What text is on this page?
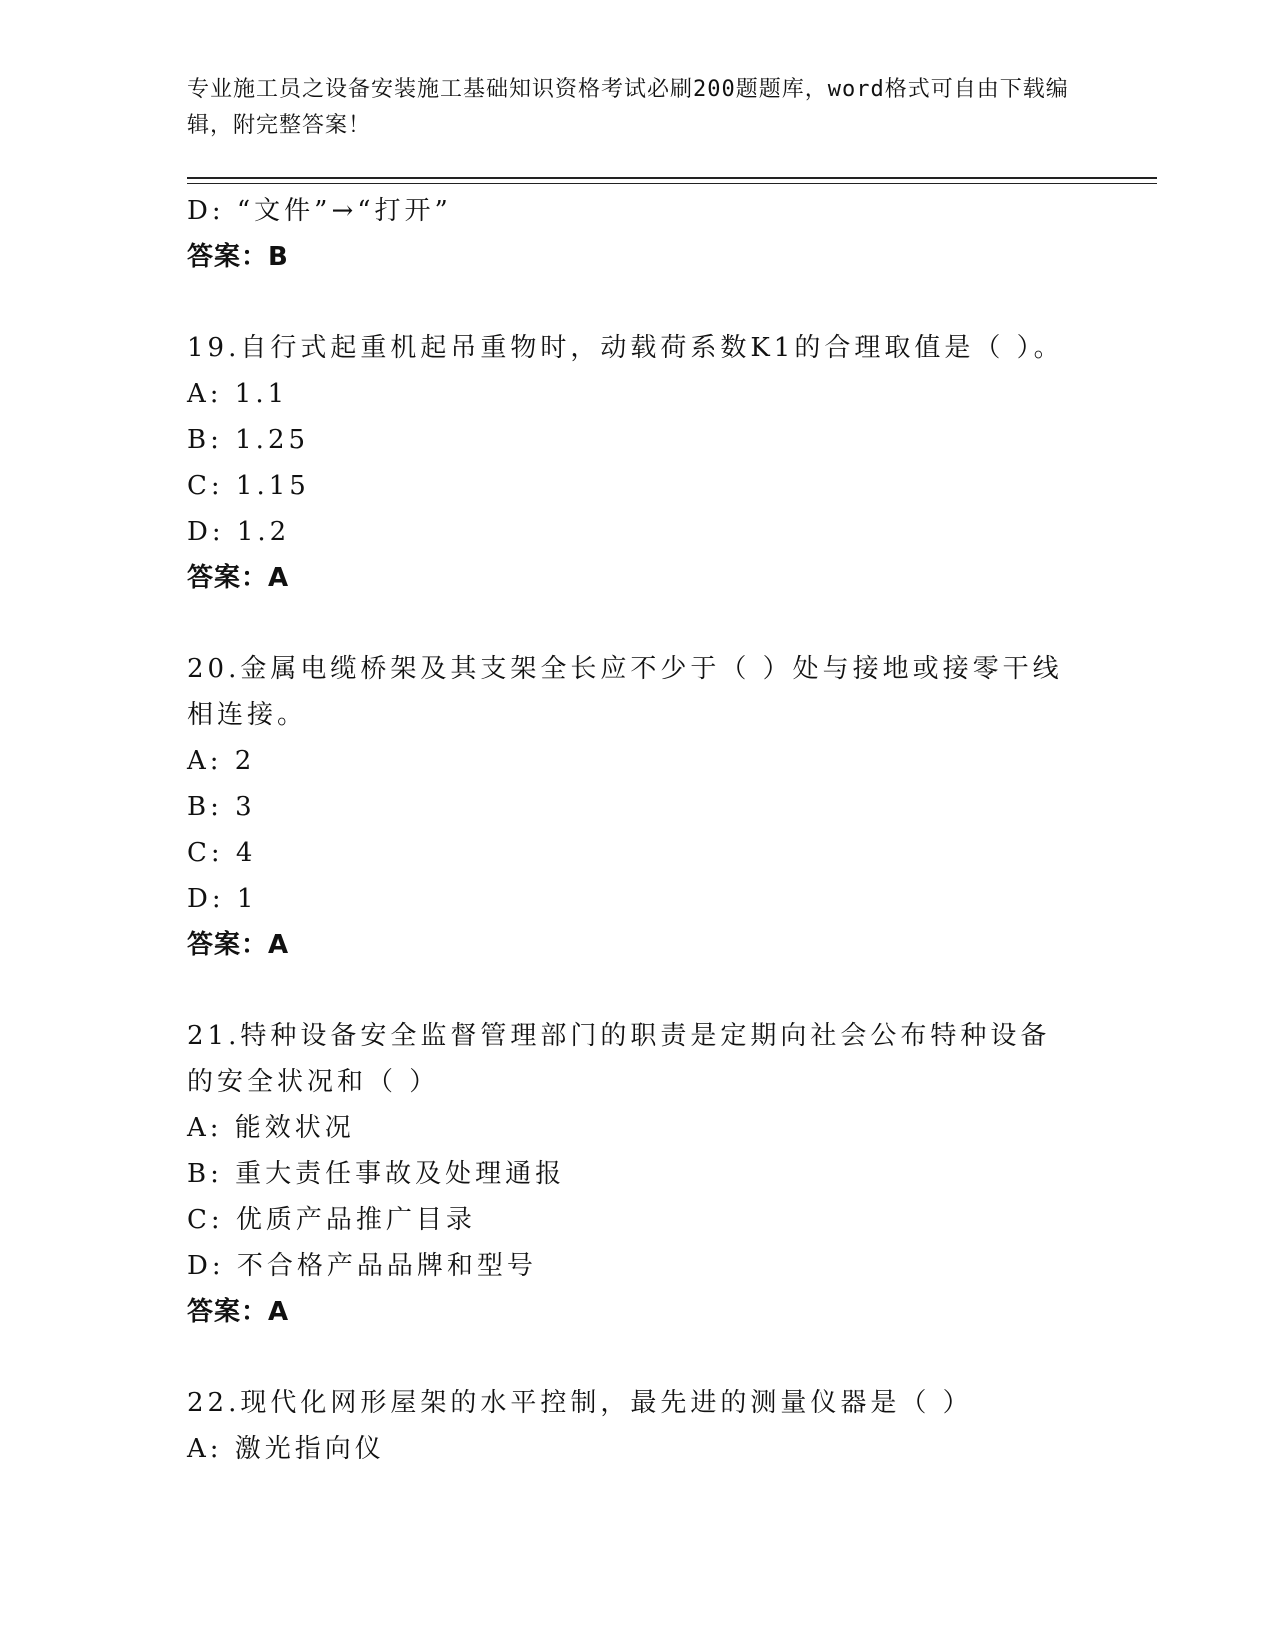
专业施工员之设备安装施工基础知识资格考试必刷200题题库，word格式可自由下载编辑，附完整答案！
D: “文件”→“打开”
答案：B
19.自行式起重机起吊重物时，动载荷系数K1的合理取值是（ ）。
A: 1.1
B: 1.25
C: 1.15
D: 1.2
答案：A
20.金属电缆桥架及其支架全长应不少于（ ）处与接地或接零干线相连接。
A: 2
B: 3
C: 4
D: 1
答案：A
21.特种设备安全监督管理部门的职责是定期向社会公布特种设备的安全状况和（ ）
A: 能效状况
B: 重大责任事故及处理通报
C: 优质产品推广目录
D: 不合格产品品牌和型号
答案：A
22.现代化网形屋架的水平控制，最先进的测量仪器是（ ）
A: 激光指向仪
